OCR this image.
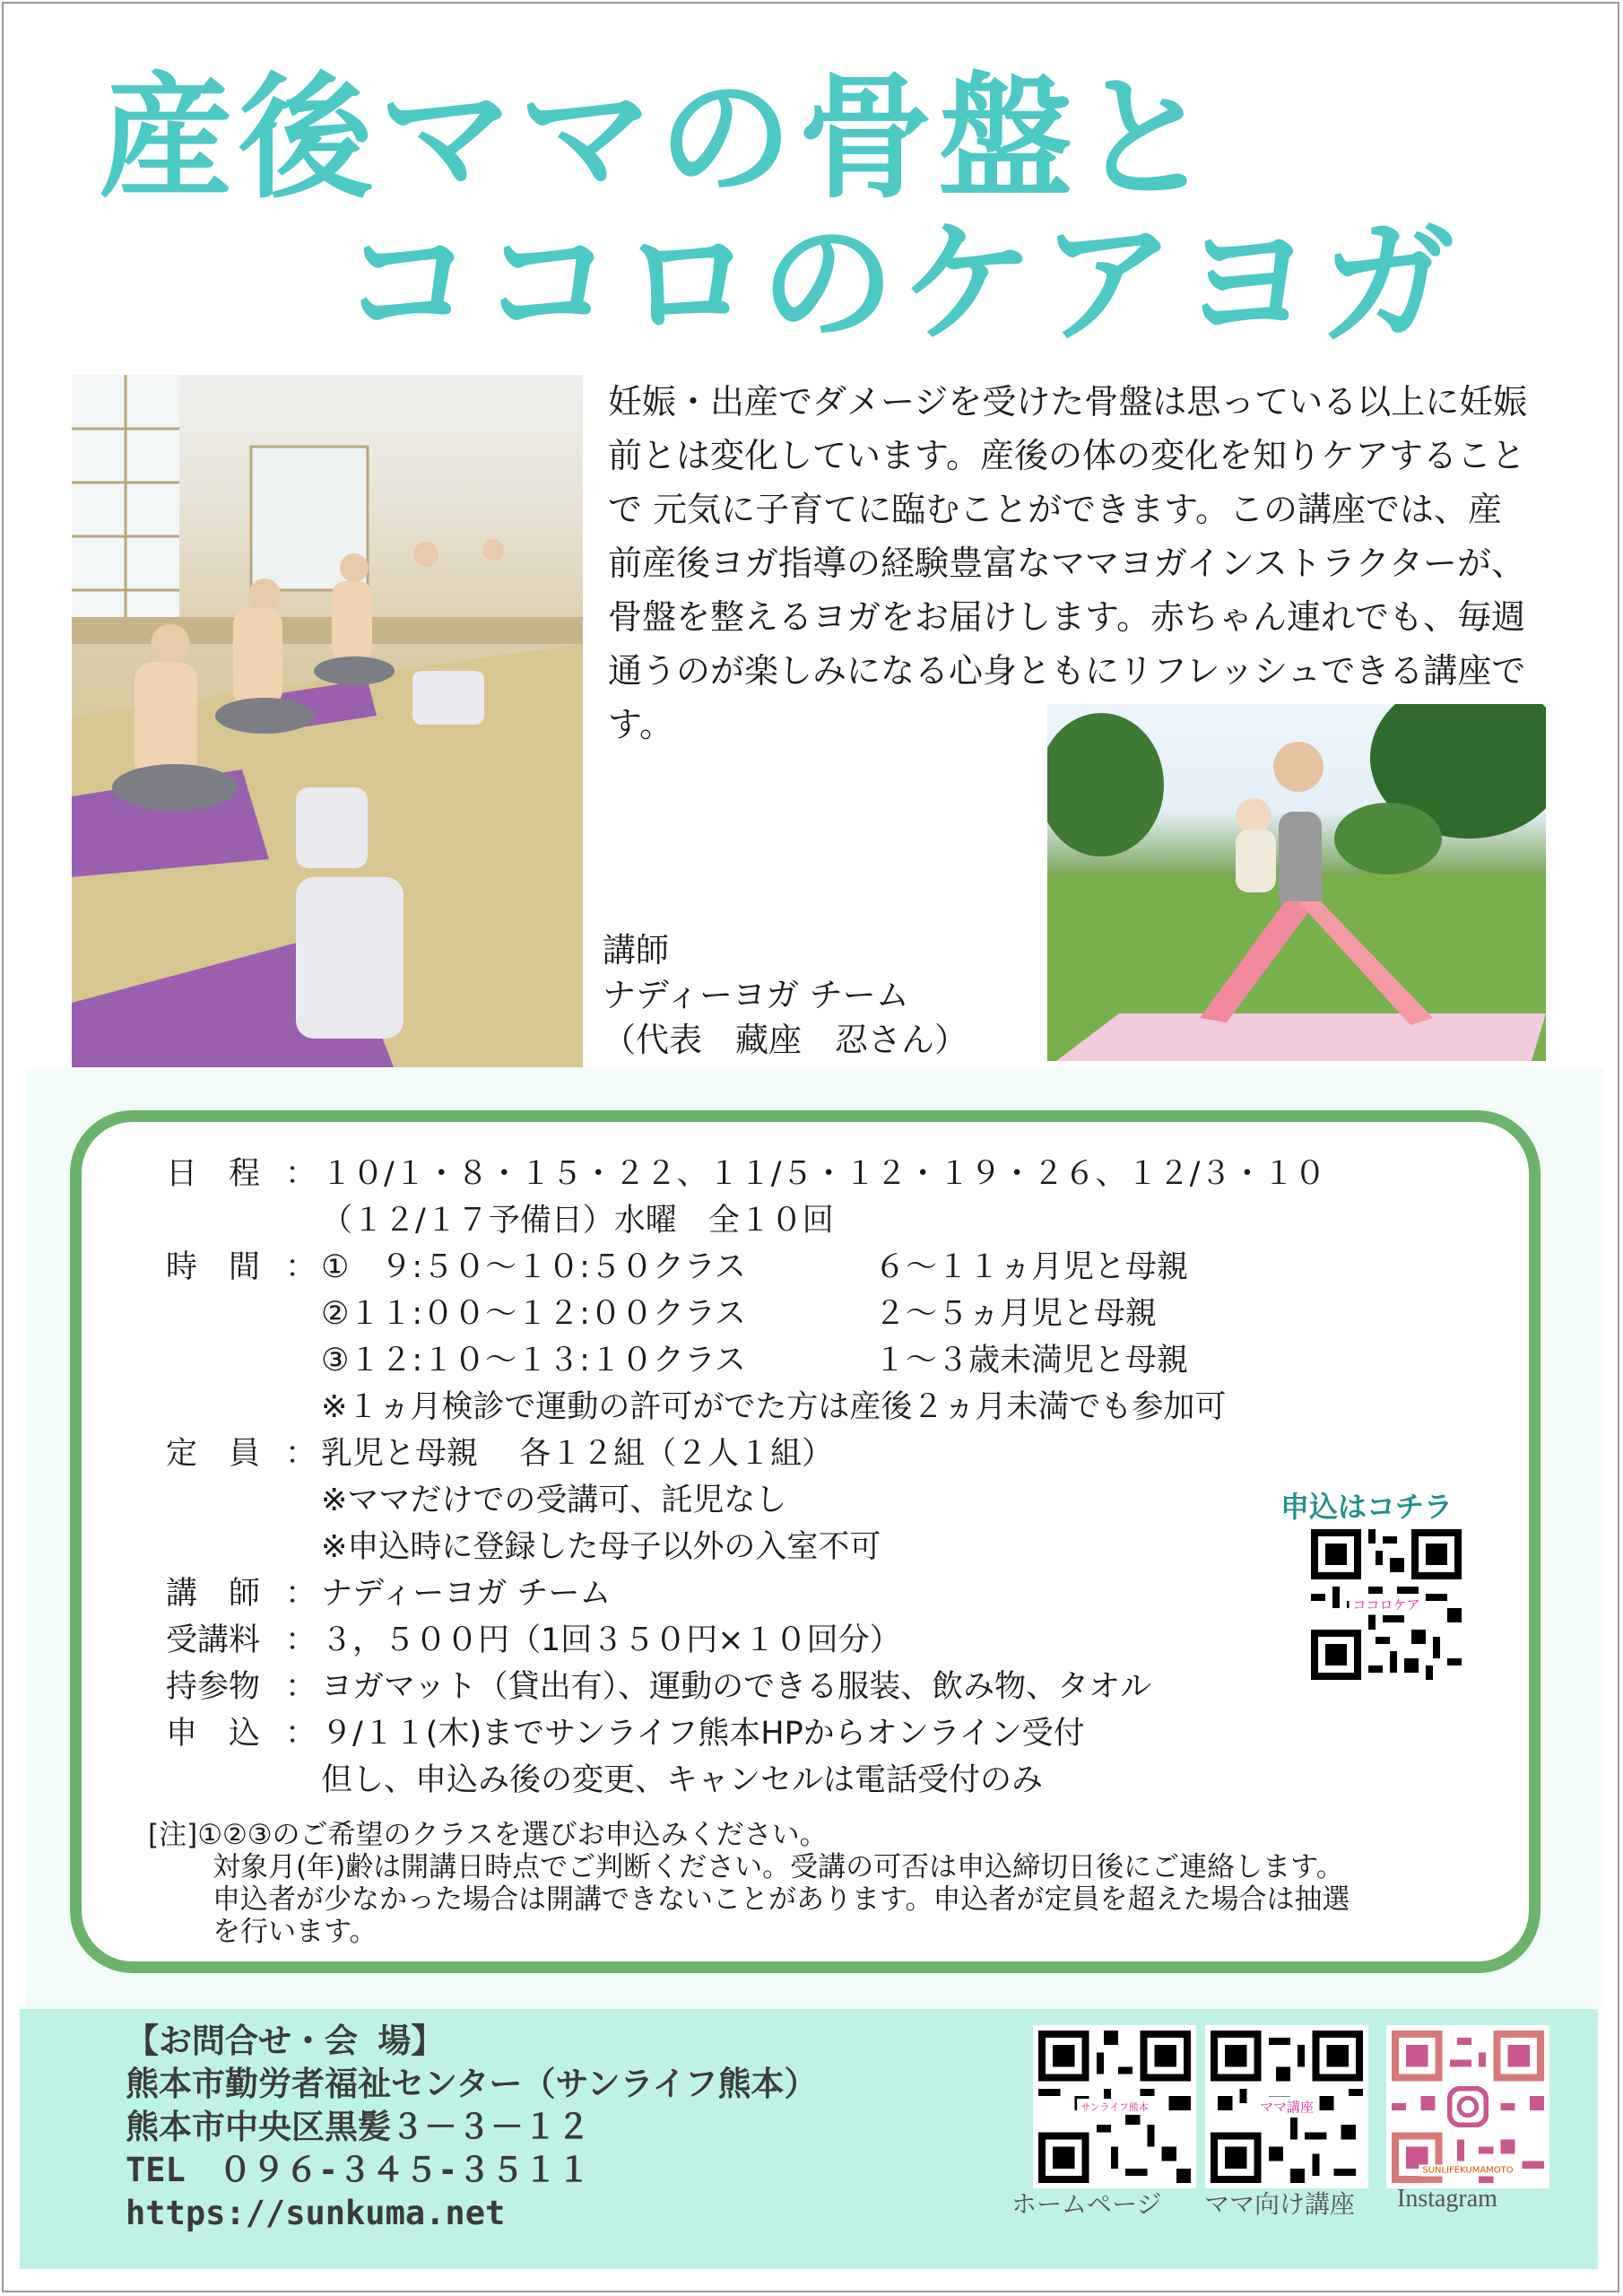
産後ママの骨盤と
ココロのケアヨガ
妊娠・出産でダメージを受けた骨盤は思っている以上に妊娠前とは変化しています。産後の体の変化を知りケアすることで 元気に子育てに臨むことができます。この講座では、産前産後ヨガ指導の経験豊富なママヨガインストラクターが、骨盤を整えるヨガをお届けします。赤ちゃん連れでも、毎週通うのが楽しみになる心身ともにリフレッシュできる講座です。
講師
ナディーヨガ チーム
（代表　藏座　忍さん）
日　程 ： １０/１・８・１５・２２、１１/５・１２・１９・２６、１２/３・１０
（１２/１７予備日）水曜　全１０回
時　間 ： ①　９:５０～１０:５０クラス	６～１１ヵ月児と母親
②１１:００～１２:００クラス	２～５ヵ月児と母親
③１２:１０～１３:１０クラス	１～３歳未満児と母親
※１ヵ月検診で運動の許可がでた方は産後２ヵ月未満でも参加可
定　員 ： 乳児と母親　 各１２組（２人１組）
※ママだけでの受講可、託児なし
※申込時に登録した母子以外の入室不可
講　師 ： ナディーヨガ チーム
受講料 ： ３，５００円（1回３５０円×１０回分）
持参物 ： ヨガマット（貸出有）、運動のできる服装、飲み物、タオル
申　込 ： ９/１１(木)までサンライフ熊本HPからオンライン受付
但し、申込み後の変更、キャンセルは電話受付のみ
[注]①②③のご希望のクラスを選びお申込みください。
対象月(年)齢は開講日時点でご判断ください。受講の可否は申込締切日後にご連絡します。
申込者が少なかった場合は開講できないことがあります。申込者が定員を超えた場合は抽選
を行います。
申込はコチラ
ココロケア
【お問合せ・会 場】
熊本市勤労者福祉センター（サンライフ熊本）
熊本市中央区黒髪３－３－１２
TEL　０９６-３４５-３５１１
https://sunkuma.net
サンライフ熊本	ママ講座
SUNLIFEKUMAMOTO
ホームページ ママ向け講座 Instagram
